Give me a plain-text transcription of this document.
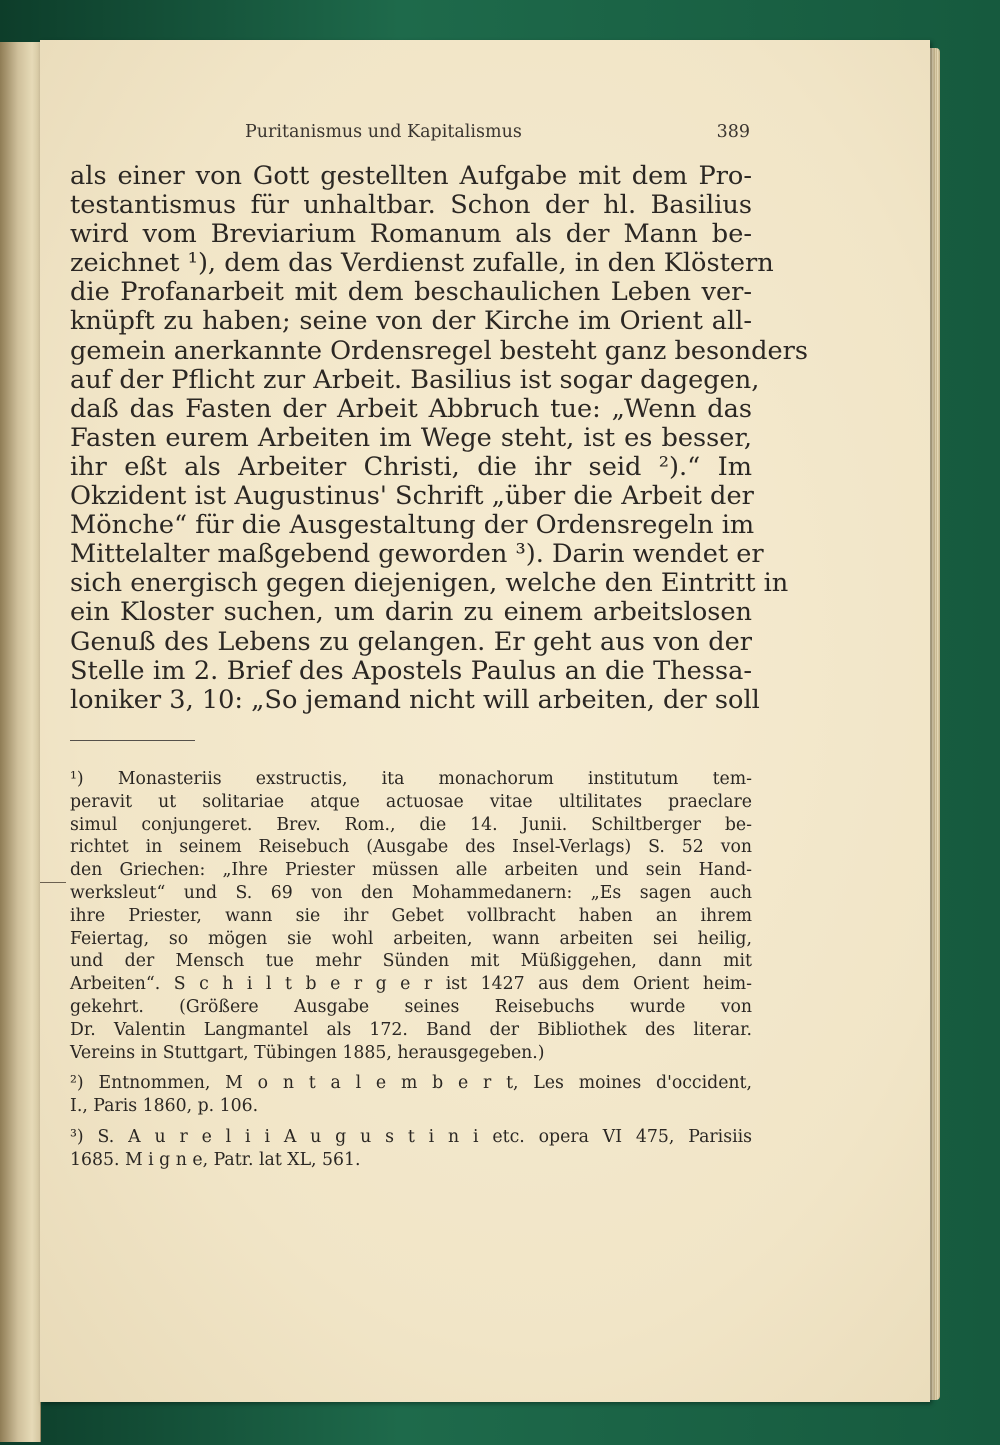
Puritanismus und Kapitalismus	389
als einer von Gott gestellten Aufgabe mit dem Pro-
testantismus für unhaltbar. Schon der hl. Basilius
wird vom Breviarium Romanum als der Mann be-
zeichnet ¹), dem das Verdienst zufalle, in den Klöstern
die Profanarbeit mit dem beschaulichen Leben ver-
knüpft zu haben; seine von der Kirche im Orient all-
gemein anerkannte Ordensregel besteht ganz besonders
auf der Pflicht zur Arbeit. Basilius ist sogar dagegen,
daß das Fasten der Arbeit Abbruch tue: „Wenn das
Fasten eurem Arbeiten im Wege steht, ist es besser,
ihr eßt als Arbeiter Christi, die ihr seid ²).“ Im
Okzident ist Augustinus' Schrift „über die Arbeit der
Mönche“ für die Ausgestaltung der Ordensregeln im
Mittelalter maßgebend geworden ³). Darin wendet er
sich energisch gegen diejenigen, welche den Eintritt in
ein Kloster suchen, um darin zu einem arbeitslosen
Genuß des Lebens zu gelangen. Er geht aus von der
Stelle im 2. Brief des Apostels Paulus an die Thessa-
loniker 3, 10: „So jemand nicht will arbeiten, der soll
¹) Monasteriis exstructis, ita monachorum institutum tem-
peravit ut solitariae atque actuosae vitae ultilitates praeclare
simul conjungeret. Brev. Rom., die 14. Junii. Schiltberger be-
richtet in seinem Reisebuch (Ausgabe des Insel-Verlags) S. 52 von
den Griechen: „Ihre Priester müssen alle arbeiten und sein Hand-
werksleut“ und S. 69 von den Mohammedanern: „Es sagen auch
ihre Priester, wann sie ihr Gebet vollbracht haben an ihrem
Feiertag, so mögen sie wohl arbeiten, wann arbeiten sei heilig,
und der Mensch tue mehr Sünden mit Müßiggehen, dann mit
Arbeiten“. S c h i l t b e r g e r ist 1427 aus dem Orient heim-
gekehrt. (Größere Ausgabe seines Reisebuchs wurde von
Dr. Valentin Langmantel als 172. Band der Bibliothek des literar.
Vereins in Stuttgart, Tübingen 1885, herausgegeben.)
²) Entnommen, M o n t a l e m b e r t, Les moines d'occident,
I., Paris 1860, p. 106.
³) S. A u r e l i i A u g u s t i n i etc. opera VI 475, Parisiis
1685. M i g n e, Patr. lat XL, 561.
